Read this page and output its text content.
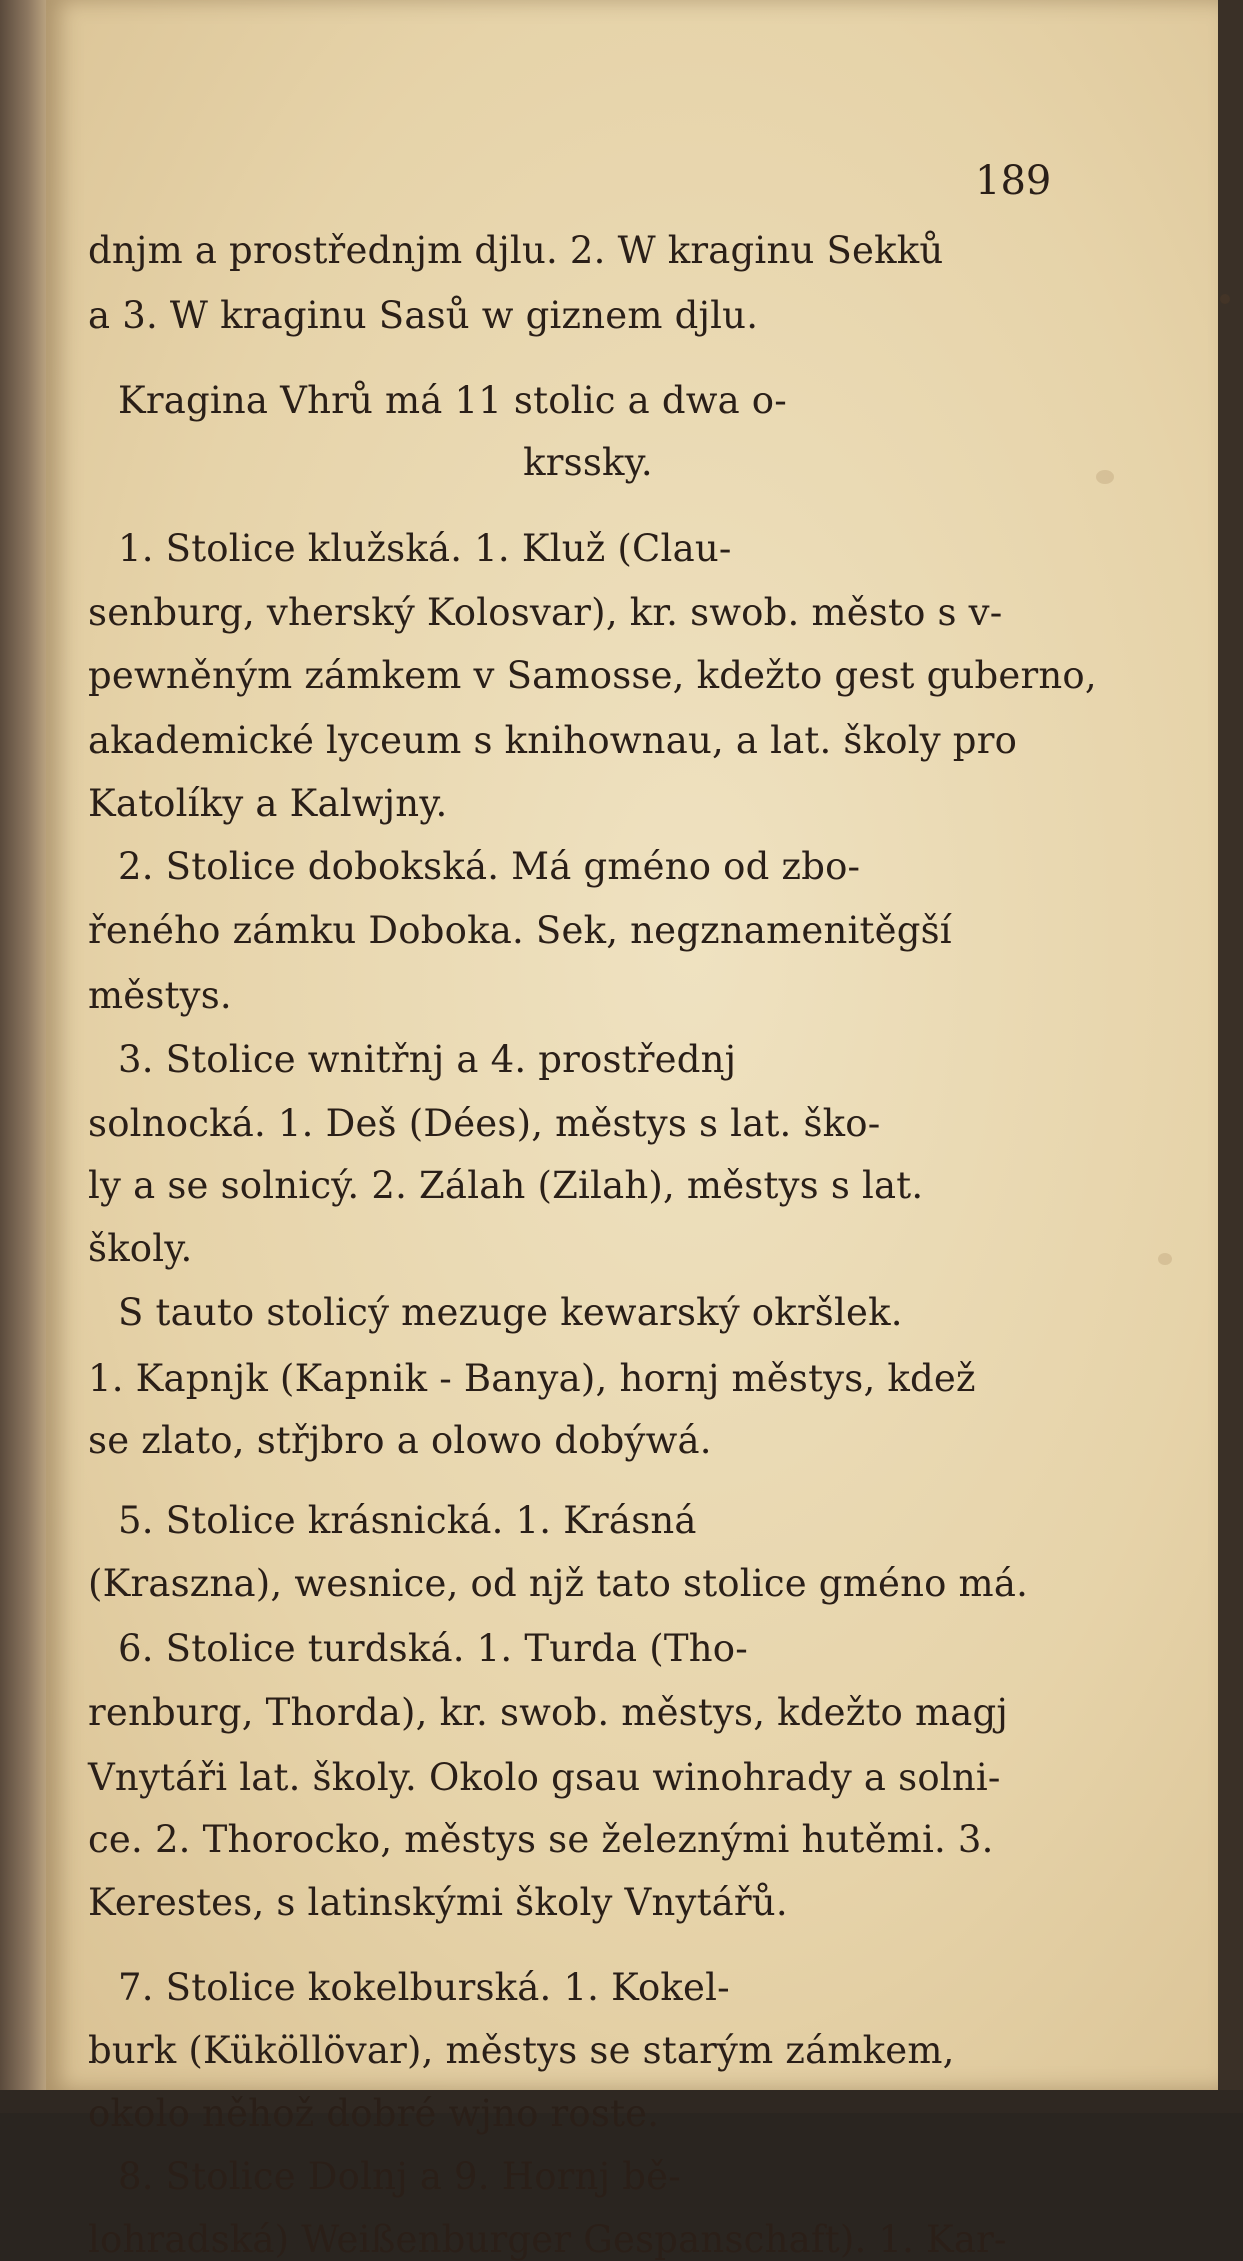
189
dnjm a prostřednjm djlu. 2. W kraginu Sekků
a 3. W kraginu Sasů w giznem djlu.
Kragina Vhrů má 11 stolic a dwa o-
krssky.
1. Stolice klužská. 1. Kluž (Clau-
senburg, vherský Kolosvar), kr. swob. město s v-
pewněným zámkem v Samosse, kdežto gest guberno,
akademické lyceum s knihownau, a lat. školy pro
Katolíky a Kalwjny.
2. Stolice dobokská. Má gméno od zbo-
řeného zámku Doboka. Sek, negznamenitěgší
městys.
3. Stolice wnitřnj a 4. prostřednj
solnocká. 1. Deš (Dées), městys s lat. ško-
ly a se solnicý. 2. Zálah (Zilah), městys s lat.
školy.
S tauto stolicý mezuge kewarský okršlek.
1. Kapnjk (Kapnik - Banya), hornj městys, kdež
se zlato, střjbro a olowo dobýwá.
5. Stolice krásnická. 1. Krásná
(Kraszna), wesnice, od njž tato stolice gméno má.
6. Stolice turdská. 1. Turda (Tho-
renburg, Thorda), kr. swob. městys, kdežto magj
Vnytáři lat. školy. Okolo gsau winohrady a solni-
ce. 2. Thorocko, městys se železnými hutěmi. 3.
Kerestes, s latinskými školy Vnytářů.
7. Stolice kokelburská. 1. Kokel-
burk (Küköllövar), městys se starým zámkem,
okolo něhož dobré wjno roste.
8. Stolice Dolnj a 9. Hornj bě-
lohradská) Weißenburger Gespanschaft). 1. Kar-
